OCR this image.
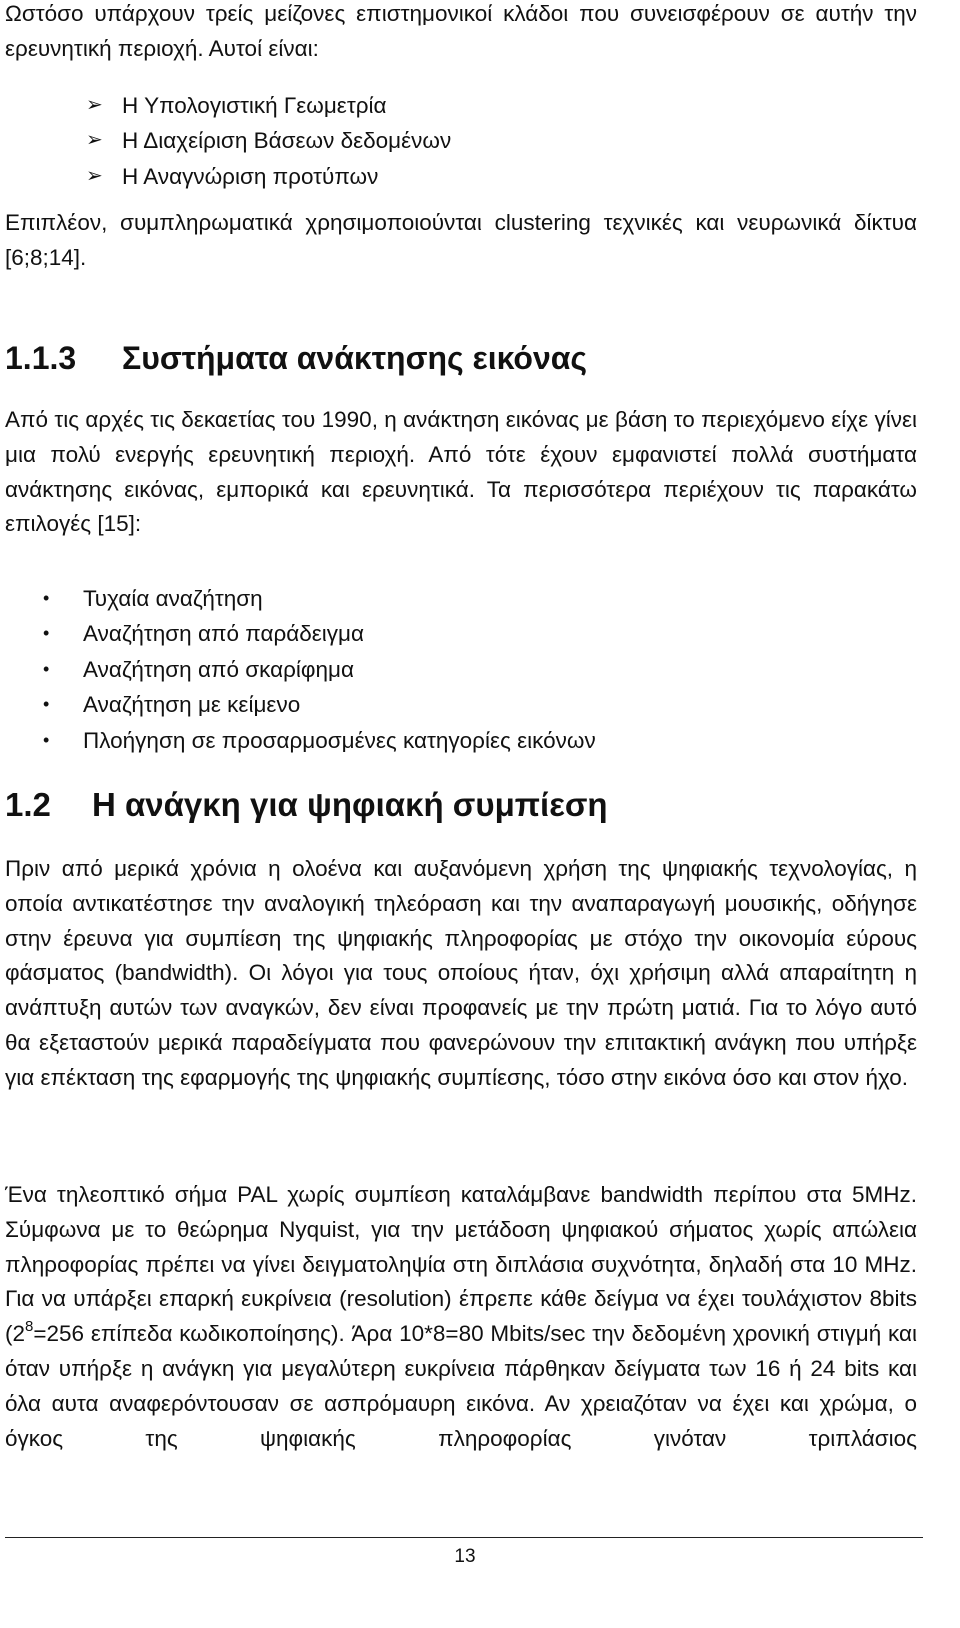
Ωστόσο υπάρχουν τρείς μείζονες επιστημονικοί κλάδοι που συνεισφέρουν σε αυτήν την ερευνητική περιοχή. Αυτοί είναι:

➢ Η Υπολογιστική Γεωμετρία
➢ Η Διαχείριση Βάσεων δεδομένων
➢ Η Αναγνώριση προτύπων

Επιπλέον, συμπληρωματικά χρησιμοποιούνται clustering τεχνικές και νευρωνικά δίκτυα [6;8;14].

1.1.3 Συστήματα ανάκτησης εικόνας

Από τις αρχές τις δεκαετίας του 1990, η ανάκτηση εικόνας με βάση το περιεχόμενο είχε γίνει μια πολύ ενεργής ερευνητική περιοχή. Από τότε έχουν εμφανιστεί πολλά συστήματα ανάκτησης εικόνας, εμπορικά και ερευνητικά. Τα περισσότερα περιέχουν τις παρακάτω επιλογές [15]:

• Τυχαία αναζήτηση
• Αναζήτηση από παράδειγμα
• Αναζήτηση από σκαρίφημα
• Αναζήτηση με κείμενο
• Πλοήγηση σε προσαρμοσμένες κατηγορίες εικόνων
1.2 Η ανάγκη για ψηφιακή συμπίεση

Πριν από μερικά χρόνια η ολοένα και αυξανόμενη χρήση της ψηφιακής τεχνολογίας, η οποία αντικατέστησε την αναλογική τηλεόραση και την αναπαραγωγή μουσικής, οδήγησε στην έρευνα για συμπίεση της ψηφιακής πληροφορίας με στόχο την οικονομία εύρους φάσματος (bandwidth). Οι λόγοι για τους οποίους ήταν, όχι χρήσιμη αλλά απαραίτητη η ανάπτυξη αυτών των αναγκών, δεν είναι προφανείς με την πρώτη ματιά. Για το λόγο αυτό θα εξεταστούν μερικά παραδείγματα που φανερώνουν την επιτακτική ανάγκη που υπήρξε για επέκταση της εφαρμογής της ψηφιακής συμπίεσης, τόσο στην εικόνα όσο και στον ήχο.

Ένα τηλεοπτικό σήμα PAL χωρίς συμπίεση καταλάμβανε bandwidth περίπου στα 5MHz. Σύμφωνα με το θεώρημα Nyquist, για την μετάδοση ψηφιακού σήματος χωρίς απώλεια πληροφορίας πρέπει να γίνει δειγματοληψία στη διπλάσια συχνότητα, δηλαδή στα 10 MHz. Για να υπάρξει επαρκή ευκρίνεια (resolution) έπρεπε κάθε δείγμα να έχει τουλάχιστον 8bits ($2^8=256$ επίπεδα κωδικοποίησης). Άρα 10*8=80 Mbits/sec την δεδομένη χρονική στιγμή και όταν υπήρξε η ανάγκη για μεγαλύτερη ευκρίνεια πάρθηκαν δείγματα των 16 ή 24 bits και όλα αυτα αναφερόντουσαν σε ασπρόμαυρη εικόνα. Αν χρειαζόταν να έχει και χρώμα, ο όγκος της ψηφιακής πληροφορίας γινόταν τριπλάσιος

13
